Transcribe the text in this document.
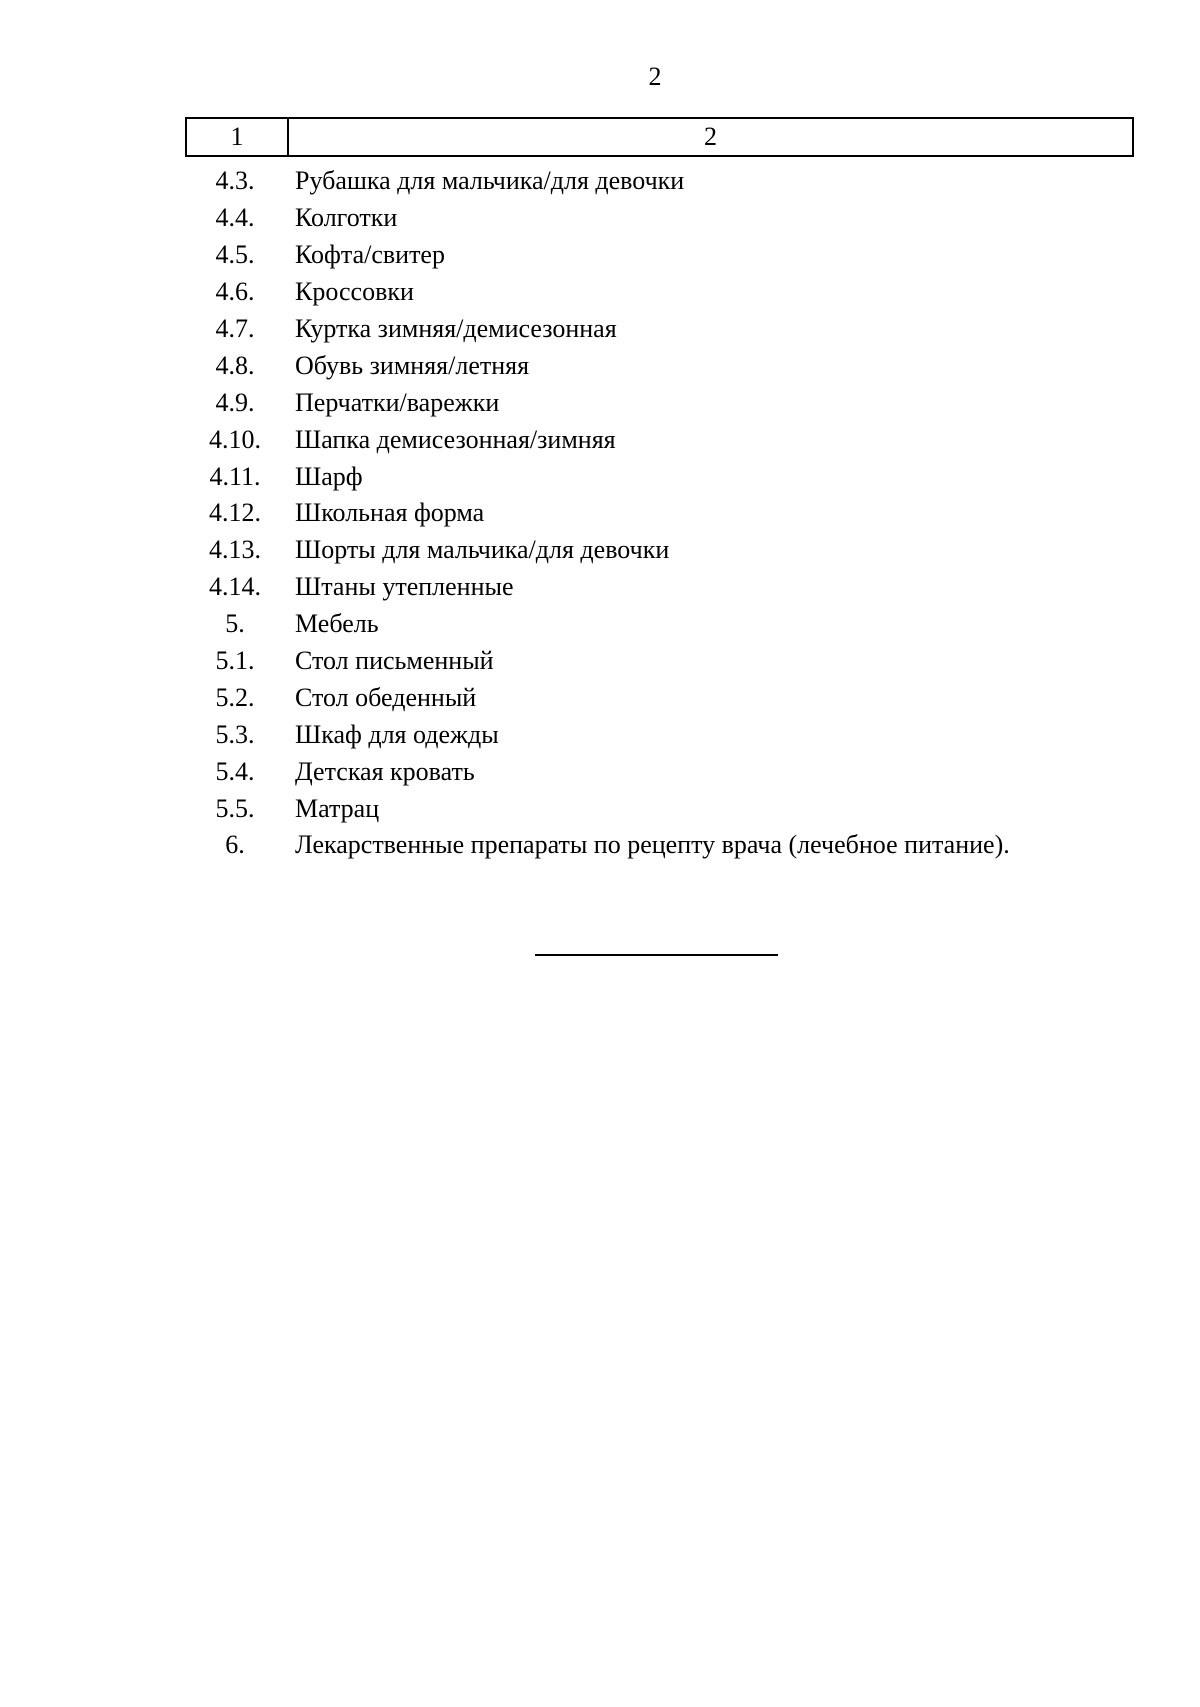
2
1	2
4.3.	Рубашка для мальчика/для девочки
4.4.	Колготки
4.5.	Кофта/свитер
4.6.	Кроссовки
4.7.	Куртка зимняя/демисезонная
4.8.	Обувь зимняя/летняя
4.9.	Перчатки/варежки
4.10.	Шапка демисезонная/зимняя
4.11.	Шарф
4.12.	Школьная форма
4.13.	Шорты для мальчика/для девочки
4.14.	Штаны утепленные
5.	Мебель
5.1.	Стол письменный
5.2.	Стол обеденный
5.3.	Шкаф для одежды
5.4.	Детская кровать
5.5.	Матрац
6.	Лекарственные препараты по рецепту врача (лечебное питание).
